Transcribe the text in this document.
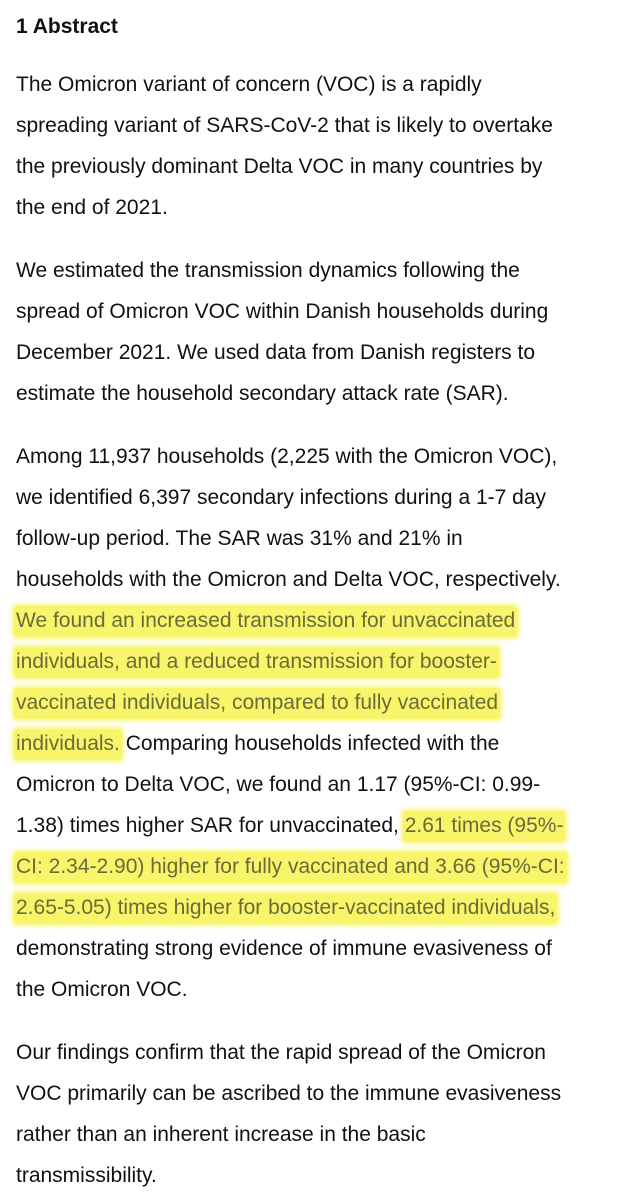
1 Abstract
The Omicron variant of concern (VOC) is a rapidly
spreading variant of SARS-CoV-2 that is likely to overtake
the previously dominant Delta VOC in many countries by
the end of 2021.
We estimated the transmission dynamics following the
spread of Omicron VOC within Danish households during
December 2021. We used data from Danish registers to
estimate the household secondary attack rate (SAR).
Among 11,937 households (2,225 with the Omicron VOC),
we identified 6,397 secondary infections during a 1-7 day
follow-up period. The SAR was 31% and 21% in
households with the Omicron and Delta VOC, respectively.
We found an increased transmission for unvaccinated
individuals, and a reduced transmission for booster-
vaccinated individuals, compared to fully vaccinated
individuals. Comparing households infected with the
Omicron to Delta VOC, we found an 1.17 (95%-CI: 0.99-
1.38) times higher SAR for unvaccinated, 2.61 times (95%-
CI: 2.34-2.90) higher for fully vaccinated and 3.66 (95%-CI:
2.65-5.05) times higher for booster-vaccinated individuals,
demonstrating strong evidence of immune evasiveness of
the Omicron VOC.
Our findings confirm that the rapid spread of the Omicron
VOC primarily can be ascribed to the immune evasiveness
rather than an inherent increase in the basic
transmissibility.
